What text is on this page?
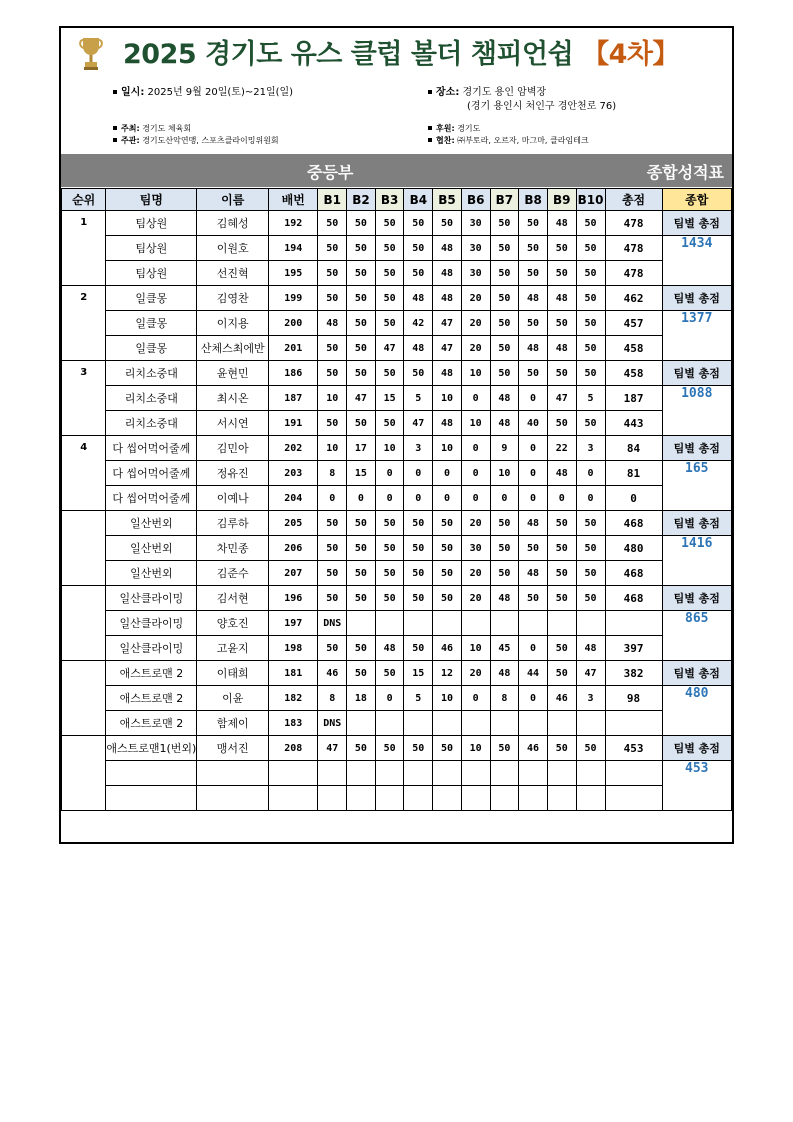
2025 경기도 유스 클럽 볼더 챔피언쉽 【4차】
일시: 2025년 9월 20일(토)~21일(일)	장소: 경기도 용인 암벽장
(경기 용인시 처인구 경안천로 76)
주최: 경기도 체육회
주관: 경기도산악연맹, 스포츠클라이밍위원회
후원: 경기도
협찬: ㈜부토라, 오르자, 마그마, 클라임테크
중등부	종합성적표
순위	팀명	이름	배번	B1	B2	B3	B4	B5	B6	B7	B8	B9	B10	총점	종합
1	팀상원	김혜성	192	50	50	50	50	50	30	50	50	48	50	478	팀별 총점
	팀상원	이원호	194	50	50	50	50	48	30	50	50	50	50	478	1434
	팀상원	선진혁	195	50	50	50	50	48	30	50	50	50	50	478	
2	일클몽	김영찬	199	50	50	50	48	48	20	50	48	48	50	462	팀별 총점
	일클몽	이지용	200	48	50	50	42	47	20	50	50	50	50	457	1377
	일클몽	산체스최에반	201	50	50	47	48	47	20	50	48	48	50	458	
3	리치소중대	윤현민	186	50	50	50	50	48	10	50	50	50	50	458	팀별 총점
	리치소중대	최시온	187	10	47	15	5	10	0	48	0	47	5	187	1088
	리치소중대	서시연	191	50	50	50	47	48	10	48	40	50	50	443	
4	다 씹어먹어줄께	김민아	202	10	17	10	3	10	0	9	0	22	3	84	팀별 총점
	다 씹어먹어줄께	정유진	203	8	15	0	0	0	0	10	0	48	0	81	165
	다 씹어먹어줄께	이예나	204	0	0	0	0	0	0	0	0	0	0	0	
	일산번외	김루하	205	50	50	50	50	50	20	50	48	50	50	468	팀별 총점
	일산번외	차민종	206	50	50	50	50	50	30	50	50	50	50	480	1416
	일산번외	김준수	207	50	50	50	50	50	20	50	48	50	50	468	
	일산클라이밍	김서현	196	50	50	50	50	50	20	48	50	50	50	468	팀별 총점
	일산클라이밍	양호진	197	DNS											865
	일산클라이밍	고윤지	198	50	50	48	50	46	10	45	0	50	48	397	
	애스트로맨 2	이태희	181	46	50	50	15	12	20	48	44	50	47	382	팀별 총점
	애스트로맨 2	이윤	182	8	18	0	5	10	0	8	0	46	3	98	480
	애스트로맨 2	함제이	183	DNS											
	애스트로맨1(번외)	맹서진	208	47	50	50	50	50	10	50	46	50	50	453	팀별 총점
															453
